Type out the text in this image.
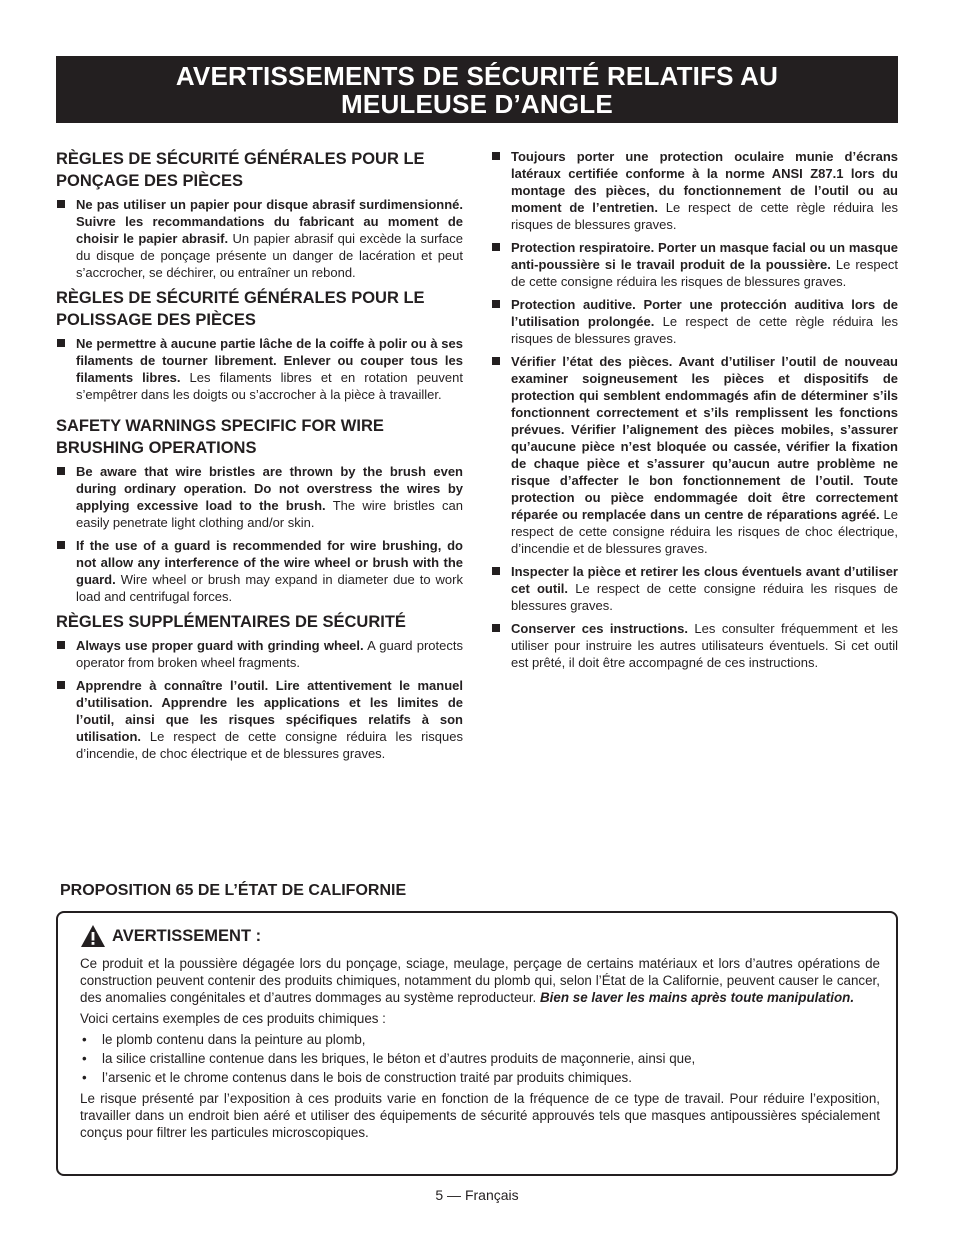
AVERTISSEMENTS DE SÉCURITÉ RELATIFS AU
MEULEUSE D’ANGLE
RÈGLES DE SÉCURITÉ GÉNÉRALES POUR LE PONÇAGE DES PIÈCES
Ne pas utiliser un papier pour disque abrasif surdimensionné. Suivre les recommandations du fabricant au moment de choisir le papier abrasif. Un papier abrasif qui excède la surface du disque de ponçage présente un danger de lacération et peut s’accrocher, se déchirer, ou entraîner un rebond.
RÈGLES DE SÉCURITÉ GÉNÉRALES POUR LE POLISSAGE DES PIÈCES
Ne permettre à aucune partie lâche de la coiffe à polir ou à ses filaments de tourner librement. Enlever ou couper tous les filaments libres. Les filaments libres et en rotation peuvent s’empêtrer dans les doigts ou s’accrocher à la pièce à travailler.
SAFETY WARNINGS SPECIFIC FOR WIRE BRUSHING OPERATIONS
Be aware that wire bristles are thrown by the brush even during ordinary operation. Do not overstress the wires by applying excessive load to the brush. The wire bristles can easily penetrate light clothing and/or skin.
If the use of a guard is recommended for wire brushing, do not allow any interference of the wire wheel or brush with the guard. Wire wheel or brush may expand in diameter due to work load and centrifugal forces.
RÈGLES SUPPLÉMENTAIRES DE SÉCURITÉ
Always use proper guard with grinding wheel. A guard protects operator from broken wheel fragments.
Apprendre à connaître l’outil. Lire attentivement le manuel d’utilisation. Apprendre les applications et les limites de l’outil, ainsi que les risques spécifiques relatifs à son utilisation. Le respect de cette consigne réduira les risques d’incendie, de choc électrique et de blessures graves.
Toujours porter une protection oculaire munie d’écrans latéraux certifiée conforme à la norme ANSI Z87.1 lors du montage des pièces, du fonctionnement de l’outil ou au moment de l’entretien. Le respect de cette règle réduira les risques de blessures graves.
Protection respiratoire. Porter un masque facial ou un masque anti-poussière si le travail produit de la poussière. Le respect de cette consigne réduira les risques de blessures graves.
Protection auditive. Porter une protección auditiva lors de l’utilisation prolongée. Le respect de cette règle réduira les risques de blessures graves.
Vérifier l’état des pièces. Avant d’utiliser l’outil de nouveau examiner soigneusement les pièces et dispositifs de protection qui semblent endommagés afin de déterminer s’ils fonctionnent correctement et s’ils remplissent les fonctions prévues. Vérifier l’alignement des pièces mobiles, s’assurer qu’aucune pièce n’est bloquée ou cassée, vérifier la fixation de chaque pièce et s’assurer qu’aucun autre problème ne risque d’affecter le bon fonctionnement de l’outil. Toute protection ou pièce endommagée doit être correctement réparée ou remplacée dans un centre de réparations agréé. Le respect de cette consigne réduira les risques de choc électrique, d’incendie et de blessures graves.
Inspecter la pièce et retirer les clous éventuels avant d’utiliser cet outil. Le respect de cette consigne réduira les risques de blessures graves.
Conserver ces instructions. Les consulter fréquemment et les utiliser pour instruire les autres utilisateurs éventuels. Si cet outil est prêté, il doit être accompagné de ces instructions.
PROPOSITION 65 DE L’ÉTAT DE CALIFORNIE
AVERTISSEMENT :

Ce produit et la poussière dégagée lors du ponçage, sciage, meulage, perçage de certains matériaux et lors d’autres opérations de construction peuvent contenir des produits chimiques, notamment du plomb qui, selon l’État de la Californie, peuvent causer le cancer, des anomalies congénitales et d’autres dommages au système reproducteur. Bien se laver les mains après toute manipulation.

Voici certains exemples de ces produits chimiques :

• le plomb contenu dans la peinture au plomb,
• la silice cristalline contenue dans les briques, le béton et d’autres produits de maçonnerie, ainsi que,
• l’arsenic et le chrome contenus dans le bois de construction traité par produits chimiques.

Le risque présenté par l’exposition à ces produits varie en fonction de la fréquence de ce type de travail. Pour réduire l’exposition, travailler dans un endroit bien aéré et utiliser des équipements de sécurité approuvés tels que masques antipoussières spécialement conçus pour filtrer les particules microscopiques.

5 — Français
